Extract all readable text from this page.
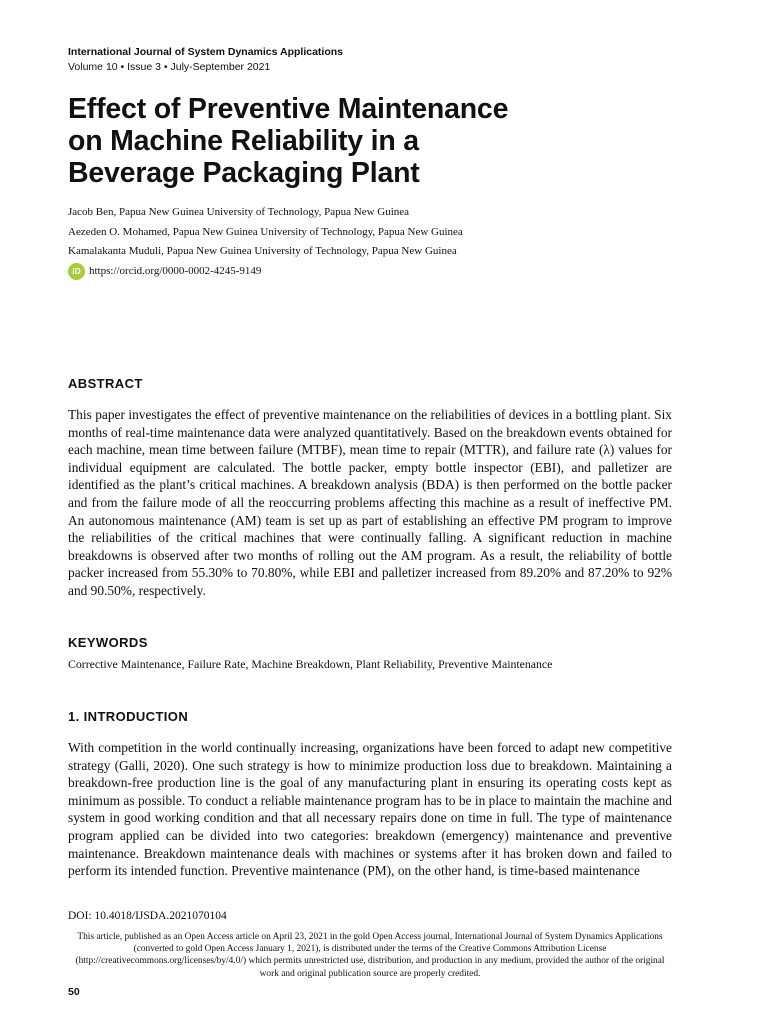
International Journal of System Dynamics Applications
Volume 10 • Issue 3 • July-September 2021
Effect of Preventive Maintenance
on Machine Reliability in a
Beverage Packaging Plant
Jacob Ben, Papua New Guinea University of Technology, Papua New Guinea
Aezeden O. Mohamed, Papua New Guinea University of Technology, Papua New Guinea
Kamalakanta Muduli, Papua New Guinea University of Technology, Papua New Guinea
iD https://orcid.org/0000-0002-4245-9149
ABSTRACT

This paper investigates the effect of preventive maintenance on the reliabilities of devices in a bottling plant. Six months of real-time maintenance data were analyzed quantitatively. Based on the breakdown events obtained for each machine, mean time between failure (MTBF), mean time to repair (MTTR), and failure rate (λ) values for individual equipment are calculated. The bottle packer, empty bottle inspector (EBI), and palletizer are identified as the plant’s critical machines. A breakdown analysis (BDA) is then performed on the bottle packer and from the failure mode of all the reoccurring problems affecting this machine as a result of ineffective PM. An autonomous maintenance (AM) team is set up as part of establishing an effective PM program to improve the reliabilities of the critical machines that were continually falling. A significant reduction in machine breakdowns is observed after two months of rolling out the AM program. As a result, the reliability of bottle packer increased from 55.30% to 70.80%, while EBI and palletizer increased from 89.20% and 87.20% to 92% and 90.50%, respectively.

KEYWORDS
Corrective Maintenance, Failure Rate, Machine Breakdown, Plant Reliability, Preventive Maintenance
1. INTRODUCTION

With competition in the world continually increasing, organizations have been forced to adapt new competitive strategy (Galli, 2020). One such strategy is how to minimize production loss due to breakdown. Maintaining a breakdown-free production line is the goal of any manufacturing plant in ensuring its operating costs kept as minimum as possible. To conduct a reliable maintenance program has to be in place to maintain the machine and system in good working condition and that all necessary repairs done on time in full. The type of maintenance program applied can be divided into two categories: breakdown (emergency) maintenance and preventive maintenance. Breakdown maintenance deals with machines or systems after it has broken down and failed to perform its intended function. Preventive maintenance (PM), on the other hand, is time-based maintenance

DOI: 10.4018/IJSDA.2021070104

This article, published as an Open Access article on April 23, 2021 in the gold Open Access journal, International Journal of System Dynamics Applications (converted to gold Open Access January 1, 2021), is distributed under the terms of the Creative Commons Attribution License (http://creativecommons.org/licenses/by/4.0/) which permits unrestricted use, distribution, and production in any medium, provided the author of the original work and original publication source are properly credited.

50
